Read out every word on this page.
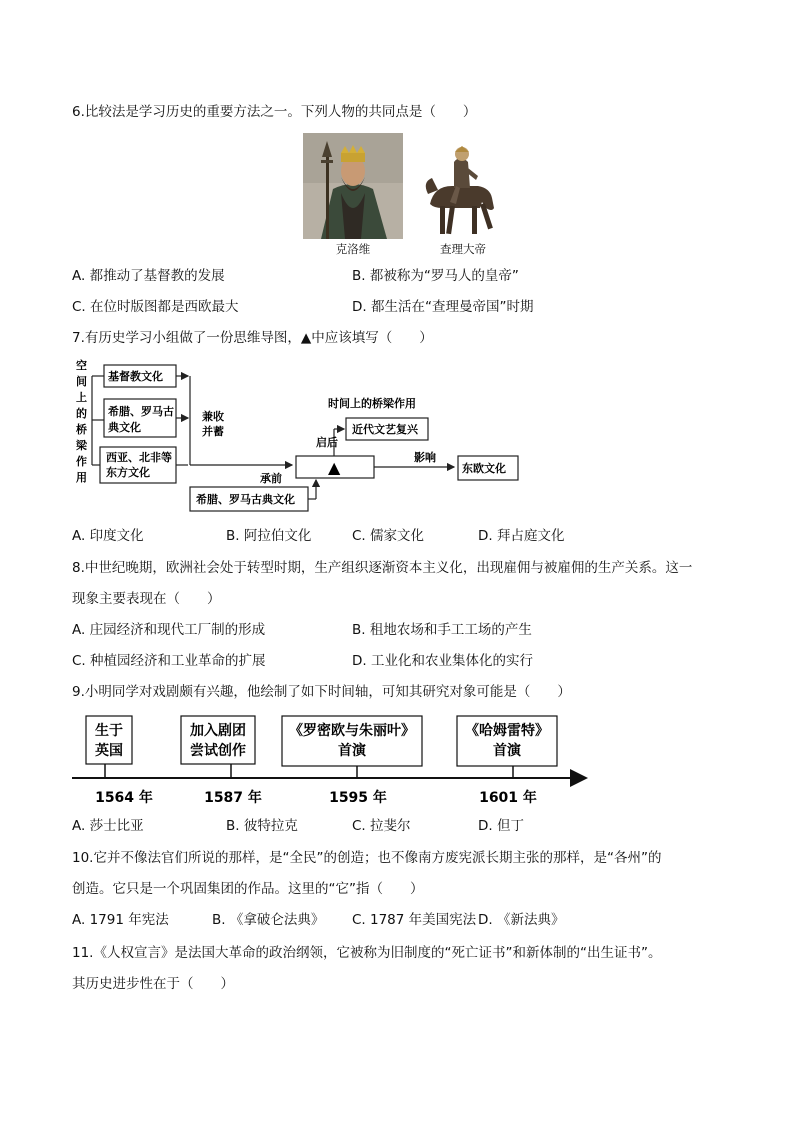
6.比较法是学习历史的重要方法之一。下列人物的共同点是（　　）
克洛维	查理大帝
A. 都推动了基督教的发展	B. 都被称为“罗马人的皇帝”
C. 在位时版图都是西欧最大	D. 都生活在“查理曼帝国”时期
7.有历史学习小组做了一份思维导图，▲中应该填写（　　）
空
间
上
的
桥
梁
作
用
基督教文化
希腊、罗马古
典文化
西亚、北非等
东方文化
兼收
并蓄
▲
时间上的桥梁作用
近代文艺复兴
启后
承前
希腊、罗马古典文化
影响
东欧文化
A. 印度文化	B. 阿拉伯文化	C. 儒家文化	D. 拜占庭文化
8.中世纪晚期，欧洲社会处于转型时期，生产组织逐渐资本主义化，出现雇佣与被雇佣的生产关系。这一
现象主要表现在（　　）
A. 庄园经济和现代工厂制的形成	B. 租地农场和手工工场的产生
C. 种植园经济和工业革命的扩展	D. 工业化和农业集体化的实行
9.小明同学对戏剧颇有兴趣，他绘制了如下时间轴，可知其研究对象可能是（　　）
生于
英国
1564 年
加入剧团
尝试创作
1587 年
《罗密欧与朱丽叶》
首演
1595 年
《哈姆雷特》
首演
1601 年
A. 莎士比亚	B. 彼特拉克	C. 拉斐尔	D. 但丁
10.它并不像法官们所说的那样，是“全民”的创造；也不像南方废宪派长期主张的那样，是“各州”的
创造。它只是一个巩固集团的作品。这里的“它”指（　　）
A. 1791 年宪法	B. 《拿破仑法典》 C. 1787 年美国宪法 D. 《新法典》
11.《人权宣言》是法国大革命的政治纲领，它被称为旧制度的“死亡证书”和新体制的“出生证书”。
其历史进步性在于（　　）
